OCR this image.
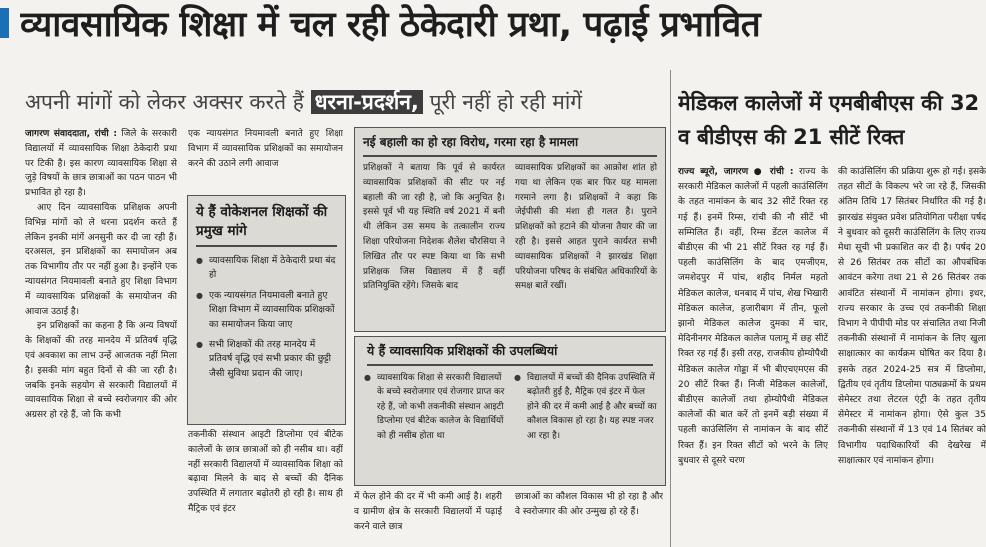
व्यावसायिक शिक्षा में चल रही ठेकेदारी प्रथा, पढ़ाई प्रभावित
अपनी मांगों को लेकर अक्सर करते हैं धरना-प्रदर्शन, पूरी नहीं हो रही मांगें

जागरण संवाददाता, रांची : जिले के सरकारी विद्यालयों में व्यावसायिक शिक्षा ठेकेदारी प्रथा पर टिकी है। इस कारण व्यावसायिक शिक्षा से जुड़े विषयों के छात्र छात्राओं का पठन पाठन भी प्रभावित हो रहा है।

आए दिन व्यावसायिक प्रशिक्षक अपनी विभिन्न मांगों को ले धरना प्रदर्शन करते हैं लेकिन इनकी मांगें अनसुनी कर दी जा रही हैं। दरअसल, इन प्रशिक्षकों का समायोजन अब तक विभागीय तौर पर नहीं हुआ है। इन्होंने एक न्यायसंगत नियमावली बनाते हुए शिक्षा विभाग में व्यावसायिक प्रशिक्षकों के समायोजन की आवाज उठाई है।

इन प्रशिक्षकों का कहना है कि अन्य विषयों के शिक्षकों की तरह मानदेय में प्रतिवर्ष वृद्धि एवं अवकाश का लाभ उन्हें आजतक नहीं मिला है। इसकी मांग बहुत दिनों से की जा रही है। जबकि इनके सहयोग से सरकारी विद्यालयों में व्यावसायिक शिक्षा से बच्चे स्वरोजगार की ओर अग्रसर हो रहे हैं, जो कि कभी

एक न्यायसंगत नियमावली बनाते हुए शिक्षा विभाग में व्यावसायिक प्रशिक्षकों का समायोजन करने की उठाने लगी आवाज

ये हैं वोकेशनल शिक्षकों की प्रमुख मांगे

● व्यावसायिक शिक्षा में ठेकेदारी प्रथा बंद हो

● एक न्यायसंगत नियमावली बनाते हुए शिक्षा विभाग में व्यावसायिक प्रशिक्षकों का समायोजन किया जाए

● सभी शिक्षकों की तरह मानदेय में प्रतिवर्ष वृद्धि एवं सभी प्रकार की छुट्टी जैसी सुविधा प्रदान की जाए।

तकनीकी संस्थान आइटी डिप्लोमा एवं बीटेक कालेजों के छात्र छात्राओं को ही नसीब था। वहीं नहीं सरकारी विद्यालयों में व्यावसायिक शिक्षा को बढ़ावा मिलने के बाद से बच्चों की दैनिक उपस्थिति में लगातार बढ़ोतरी हो रही है। साथ ही मैट्रिक एवं इंटर

नई बहाली का हो रहा विरोध, गरमा रहा है मामला

प्रशिक्षकों ने बताया कि पूर्व से कार्यरत व्यावसायिक प्रशिक्षकों की सीट पर नई बहाली की जा रही है, जो कि अनुचित है। इससे पूर्व भी यह स्थिति वर्ष 2021 में बनी थी लेकिन उस समय के तत्कालीन राज्य शिक्षा परियोजना निदेशक शैलेश चौरसिया ने लिखित तौर पर स्पष्ट किया था कि सभी प्रशिक्षक जिस विद्यालय में हैं वहीं प्रतिनियुक्ति रहेंगे। जिसके बाद

व्यावसायिक प्रशिक्षकों का आक्रोश शांत हो गया था लेकिन एक बार फिर यह मामला गरमाने लगा है। प्रशिक्षकों ने कहा कि जेईपीसी की मंशा ही गलत है। पुराने प्रशिक्षकों को हटाने की योजना तैयार की जा रही है। इससे आहत पुराने कार्यरत सभी व्यावसायिक प्रशिक्षकों ने झारखंड शिक्षा परियोजना परिषद के संबंधित अधिकारियों के समक्ष बातें रखीं।

ये हैं व्यावसायिक प्रशिक्षकों की उपलब्धियां

● व्यावसायिक शिक्षा से सरकारी विद्यालयों के बच्चे स्वरोजगार एवं रोजगार प्राप्त कर रहे हैं, जो कभी तकनीकी संस्थान आइटी डिप्लोमा एवं बीटेक कालेज के विद्यार्थियों को ही नसीब होता था

● विद्यालयों में बच्चों की दैनिक उपस्थिति में बढ़ोतरी हुई है, मैट्रिक एवं इंटर में फेल होने की दर में कमी आई है और बच्चों का कौशल विकास हो रहा है। यह स्पष्ट नजर आ रहा है।

में फेल होने की दर में भी कमी आई है। शहरी व ग्रामीण क्षेत्र के सरकारी विद्यालयों में पढ़ाई करने वाले छात्र

छात्राओं का कौशल विकास भी हो रहा है और वे स्वरोजगार की ओर उन्मुख हो रहे हैं।

मेडिकल कालेजों में एमबीबीएस की 32 व बीडीएस की 21 सीटें रिक्त

राज्य ब्यूरो, जागरण ● रांची : राज्य के सरकारी मेडिकल कालेजों में पहली काउंसिलिंग के तहत नामांकन के बाद 32 सीटें रिक्त रह गई हैं। इनमें रिम्स, रांची की नौ सीटें भी सम्मिलित हैं। वहीं, रिम्स डेंटल कालेज में बीडीएस की भी 21 सीटें रिक्त रह गई हैं। पहली काउंसिलिंग के बाद एमजीएम, जमशेदपुर में पांच, शहीद निर्मल महतो मेडिकल कालेज, धनबाद में पांच, शेख भिखारी मेडिकल कालेज, हजारीबाग में तीन, फूलो झानो मेडिकल कालेज दुमका में चार, मेदिनीनगर मेडिकल कालेज पलामू में छह सीटें रिक्त रह गई हैं। इसी तरह, राजकीय होम्योपैथी मेडिकल कालेज गोड्डा में भी बीएचएमएस की 20 सीटें रिक्त हैं। निजी मेडिकल कालेजों, बीडीएस कालेजों तथा होम्योपैथी मेडिकल कालेजों की बात करें तो इनमें बड़ी संख्या में पहली काउंसिलिंग से नामांकन के बाद सीटें रिक्त हैं। इन रिक्त सीटों को भरने के लिए बुधवार से दूसरे चरण

की काउंसिलिंग की प्रक्रिया शुरू हो गई। इसके तहत सीटों के विकल्प भरे जा रहे हैं, जिसकी अंतिम तिथि 17 सितंबर निर्धारित की गई है। झारखंड संयुक्त प्रवेश प्रतियोगिता परीक्षा पर्षद ने बुधवार को दूसरी काउंसिलिंग के लिए राज्य मेधा सूची भी प्रकाशित कर दी है। पर्षद 20 से 26 सितंबर तक सीटों का औपबंधिक आवंटन करेगा तथा 21 से 26 सितंबर तक आवंटित संस्थानों में नामांकन होगा। इधर, राज्य सरकार के उच्च एवं तकनीकी शिक्षा विभाग ने पीपीपी मोड पर संचालित तथा निजी तकनीकी संस्थानों में नामांकन के लिए खुला साक्षात्कार का कार्यक्रम घोषित कर दिया है। इसके तहत 2024-25 सत्र में डिप्लोमा, द्वितीय एवं तृतीय डिप्लोमा पाठ्यक्रमों के प्रथम सेमेस्टर तथा लेटरल एंट्री के तहत तृतीय सेमेस्टर में नामांकन होगा। ऐसे कुल 35 तकनीकी संस्थानों में 13 एवं 14 सितंबर को विभागीय पदाधिकारियों की देखरेख में साक्षात्कार एवं नामांकन होगा।
